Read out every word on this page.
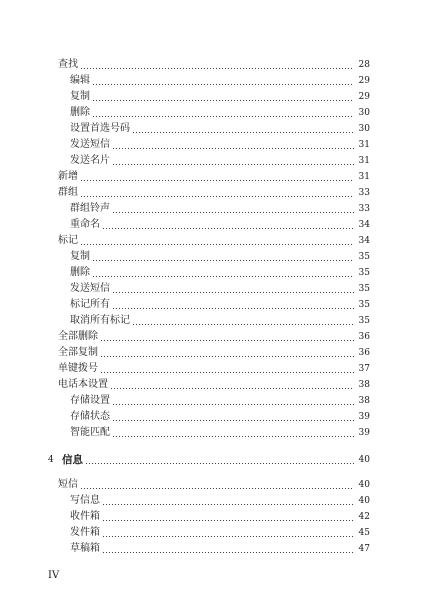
查找	28
编辑	29
复制	29
删除	30
设置首选号码	30
发送短信	31
发送名片	31
新增	31
群组	33
群组铃声	33
重命名	34
标记	34
复制	35
删除	35
发送短信	35
标记所有	35
取消所有标记	35
全部删除	36
全部复制	36
单键拨号	37
电话本设置	38
存储设置	38
存储状态	39
智能匹配	39
4 信息	40
短信	40
写信息	40
收件箱	42
发件箱	45
草稿箱	47
IV
